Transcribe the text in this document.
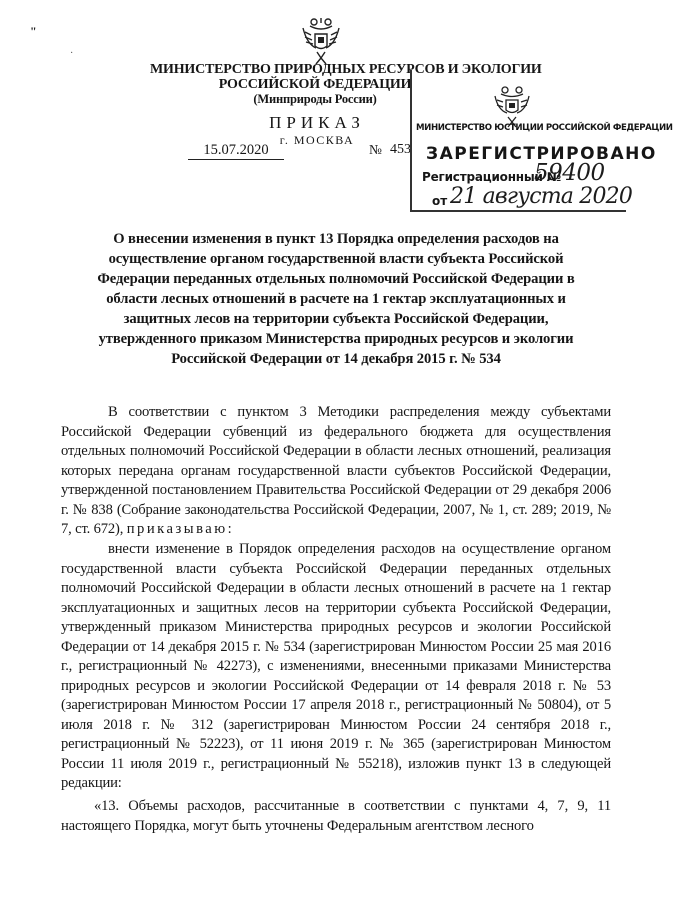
"
·
МИНИСТЕРСТВО ПРИРОДНЫХ РЕСУРСОВ И ЭКОЛОГИИ
РОССИЙСКОЙ ФЕДЕРАЦИИ
(Минприроды России)
ПРИКАЗ
г. МОСКВА
15.07.2020	№ 453
МИНИСТЕРСТВО ЮСТИЦИИ РОССИЙСКОЙ ФЕДЕРАЦИИ
ЗАРЕГИСТРИРОВАНО
Регистрационный №
59400
от 21 августа 2020
О внесении изменения в пункт 13 Порядка определения расходов на осуществление органом государственной власти субъекта Российской Федерации переданных отдельных полномочий Российской Федерации в области лесных отношений в расчете на 1 гектар эксплуатационных и защитных лесов на территории субъекта Российской Федерации, утвержденного приказом Министерства природных ресурсов и экологии Российской Федерации от 14 декабря 2015 г. № 534
В соответствии с пунктом 3 Методики распределения между субъектами Российской Федерации субвенций из федерального бюджета для осуществления отдельных полномочий Российской Федерации в области лесных отношений, реализация которых передана органам государственной власти субъектов Российской Федерации, утвержденной постановлением Правительства Российской Федерации от 29 декабря 2006 г. № 838 (Собрание законодательства Российской Федерации, 2007, № 1, ст. 289; 2019, № 7, ст. 672), приказываю:
внести изменение в Порядок определения расходов на осуществление органом государственной власти субъекта Российской Федерации переданных отдельных полномочий Российской Федерации в области лесных отношений в расчете на 1 гектар эксплуатационных и защитных лесов на территории субъекта Российской Федерации, утвержденный приказом Министерства природных ресурсов и экологии Российской Федерации от 14 декабря 2015 г. № 534 (зарегистрирован Минюстом России 25 мая 2016 г., регистрационный № 42273), с изменениями, внесенными приказами Министерства природных ресурсов и экологии Российской Федерации от 14 февраля 2018 г. № 53 (зарегистрирован Минюстом России 17 апреля 2018 г., регистрационный № 50804), от 5 июля 2018 г. № 312 (зарегистрирован Минюстом России 24 сентября 2018 г., регистрационный № 52223), от 11 июня 2019 г. № 365 (зарегистрирован Минюстом России 11 июля 2019 г., регистрационный № 55218), изложив пункт 13 в следующей редакции:
«13. Объемы расходов, рассчитанные в соответствии с пунктами 4, 7, 9, 11 настоящего Порядка, могут быть уточнены Федеральным агентством лесного
